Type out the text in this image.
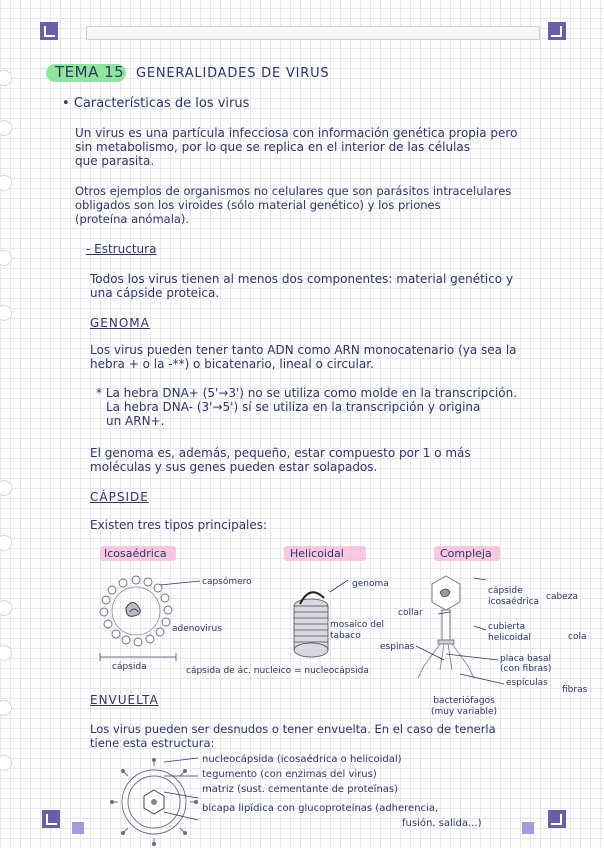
TEMA 15 GENERALIDADES DE VIRUS
• Características de los virus
Un virus es una partícula infecciosa con información genética propia pero
sin metabolismo, por lo que se replica en el interior de las células
que parasita.
Otros ejemplos de organismos no celulares que son parásitos intracelulares
obligados son los viroides (sólo material genético) y los priones
(proteína anómala).
- Estructura
Todos los virus tienen al menos dos componentes: material genético y
una cápside proteica.
GENOMA
Los virus pueden tener tanto ADN como ARN monocatenario (ya sea la
hebra + o la -**) o bicatenario, lineal o circular.
* La hebra DNA+ (5'→3') no se utiliza como molde en la transcripción.
La hebra DNA- (3'→5') sí se utiliza en la transcripción y origina
un ARN+.
El genoma es, además, pequeño, estar compuesto por 1 o más
moléculas y sus genes pueden estar solapados.
CÁPSIDE
Existen tres tipos principales:
Icosaédrica	Helicoidal	Compleja
capsómero
adenovirus
cápsida	cápsida de ác. nucleico = nucleocápsida
genoma
mosaico del tabaco
collar
espinas
cápside icosaédrica cabeza
cubierta helicoidal	cola
placa basal (con fibras)
espículas
fibras
bacteriófagos (muy variable)
ENVUELTA
Los virus pueden ser desnudos o tener envuelta. En el caso de tenerla
tiene esta estructura:
nucleocápsida (icosaédrica o helicoidal)
tegumento (con enzimas del virus)
matriz (sust. cementante de proteínas)
bicapa lipídica con glucoproteínas (adherencia,
fusión, salida...)
